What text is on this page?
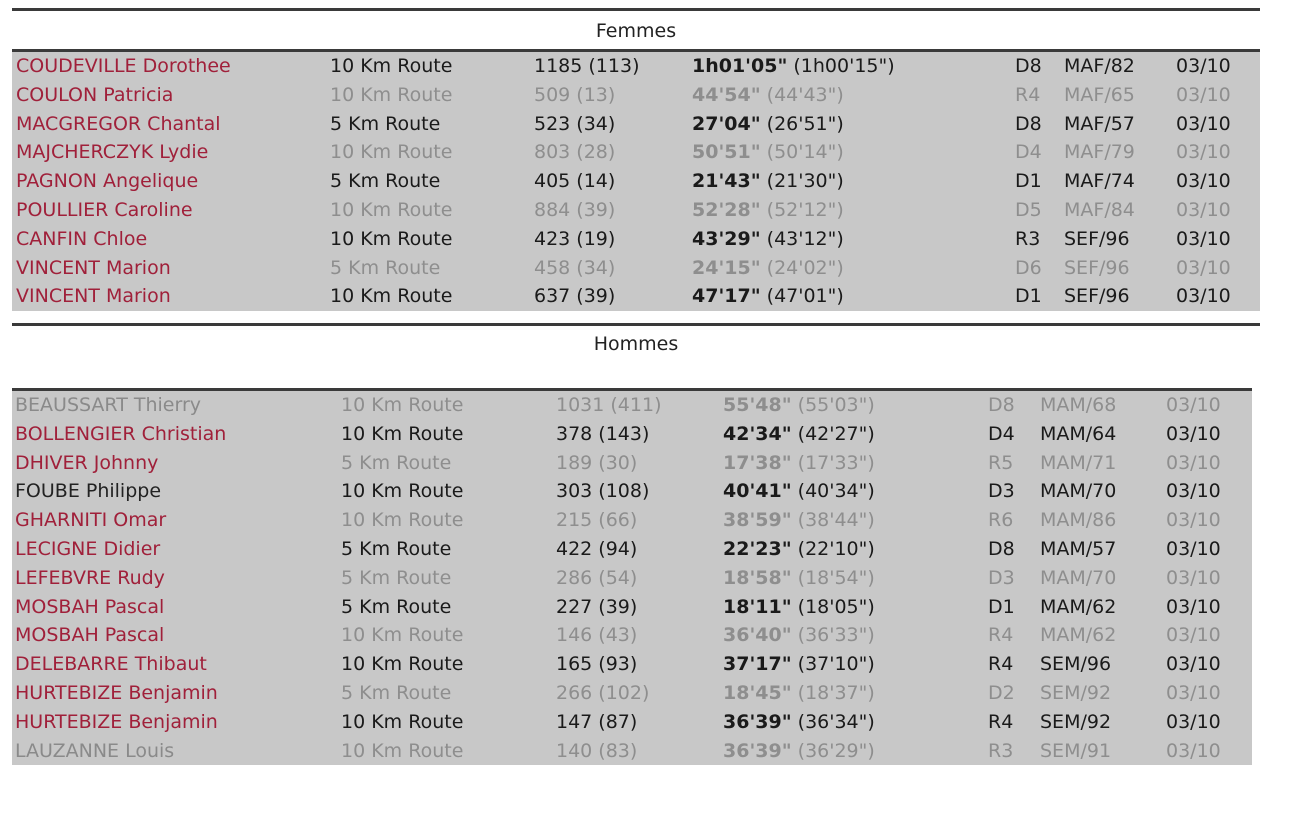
Femmes
COUDEVILLE Dorothee	10 Km Route	1185 (113)	1h01'05" (1h00'15")	D8 MAF/82 03/10
COULON Patricia	10 Km Route	509 (13)	44'54" (44'43")	R4 MAF/65 03/10
MACGREGOR Chantal	5 Km Route	523 (34)	27'04" (26'51")	D8 MAF/57 03/10
MAJCHERCZYK Lydie	10 Km Route	803 (28)	50'51" (50'14")	D4 MAF/79 03/10
PAGNON Angelique	5 Km Route	405 (14)	21'43" (21'30")	D1 MAF/74 03/10
POULLIER Caroline	10 Km Route	884 (39)	52'28" (52'12")	D5 MAF/84 03/10
CANFIN Chloe	10 Km Route	423 (19)	43'29" (43'12")	R3 SEF/96 03/10
VINCENT Marion	5 Km Route	458 (34)	24'15" (24'02")	D6 SEF/96 03/10
VINCENT Marion	10 Km Route	637 (39)	47'17" (47'01")	D1 SEF/96 03/10
Hommes
BEAUSSART Thierry	10 Km Route	1031 (411)	55'48" (55'03")	D8 MAM/68	03/10
BOLLENGIER Christian	10 Km Route	378 (143)	42'34" (42'27")	D4 MAM/64	03/10
DHIVER Johnny	5 Km Route	189 (30)	17'38" (17'33")	R5 MAM/71	03/10
FOUBE Philippe	10 Km Route	303 (108)	40'41" (40'34")	D3 MAM/70	03/10
GHARNITI Omar	10 Km Route	215 (66)	38'59" (38'44")	R6 MAM/86	03/10
LECIGNE Didier	5 Km Route	422 (94)	22'23" (22'10")	D8 MAM/57	03/10
LEFEBVRE Rudy	5 Km Route	286 (54)	18'58" (18'54")	D3 MAM/70	03/10
MOSBAH Pascal	5 Km Route	227 (39)	18'11" (18'05")	D1 MAM/62	03/10
MOSBAH Pascal	10 Km Route	146 (43)	36'40" (36'33")	R4 MAM/62	03/10
DELEBARRE Thibaut	10 Km Route	165 (93)	37'17" (37'10")	R4 SEM/96	03/10
HURTEBIZE Benjamin	5 Km Route	266 (102)	18'45" (18'37")	D2 SEM/92	03/10
HURTEBIZE Benjamin	10 Km Route	147 (87)	36'39" (36'34")	R4 SEM/92	03/10
LAUZANNE Louis	10 Km Route	140 (83)	36'39" (36'29")	R3 SEM/91	03/10
